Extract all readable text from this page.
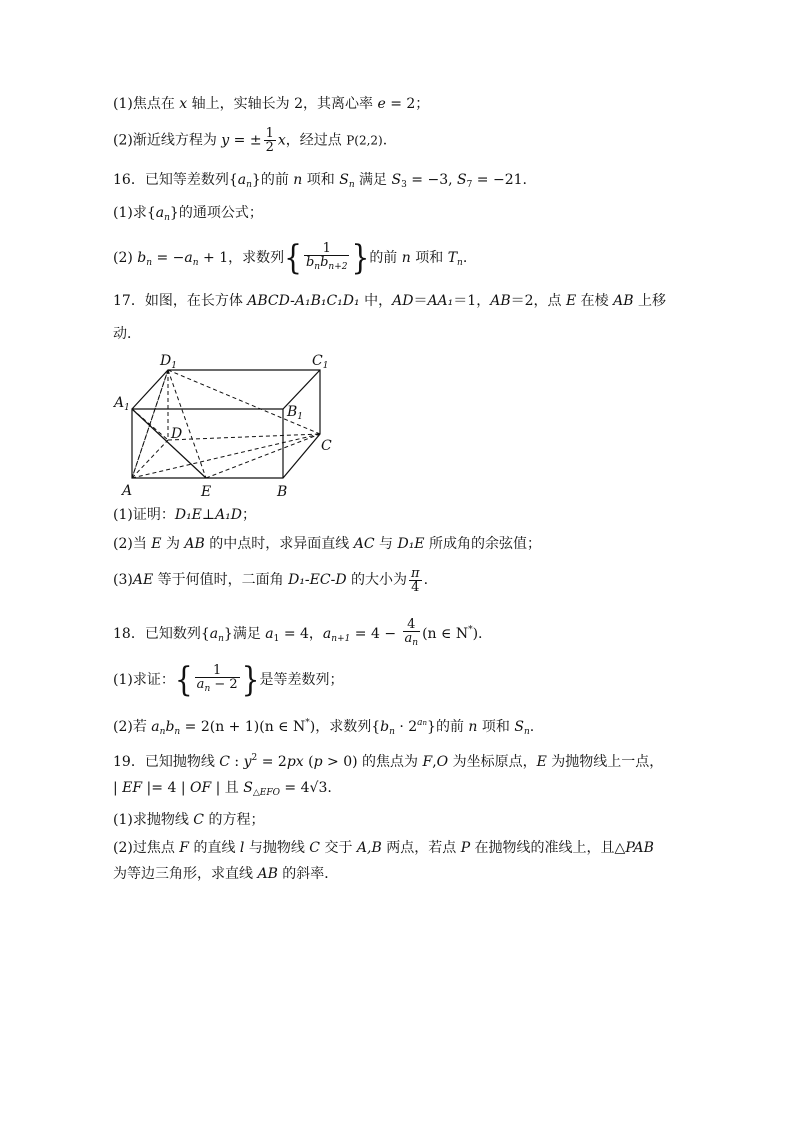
(1)焦点在 x 轴上，实轴长为 2，其离心率 e = 2；
(2)渐近线方程为 y = ± $\frac{1}{2}$ x，经过点 P(2,2).
16．已知等差数列$\{a_n\}$的前 n 项和 $S_n$ 满足 $S_3 = -3$, $S_7 = -21$.
(1)求$\{a_n\}$的通项公式；
(2) $b_n = -a_n + 1$，求数列{ $\frac{1}{b_nb_{n+2}}$ }的前 n 项和 $T_n$.
17．如图，在长方体 ABCD-A₁B₁C₁D₁ 中，AD＝AA₁＝1，AB＝2，点 E 在棱 AB 上移
动．
$D_1$	$C_1$
$A_1$	$B_1$
D
C
A	E	B
(1)证明：D₁E⊥A₁D；
(2)当 E 为 AB 的中点时，求异面直线 AC 与 D₁E 所成角的余弦值；
(3)AE 等于何值时，二面角 D₁-EC-D 的大小为 $\frac{\pi}{4}$ .
18．已知数列$\{a_n\}$满足 $a_1 = 4$，$a_{n+1} = 4 - \frac{4}{a_n} (n$ ∈ N*).
(1)求证：{ $\frac{1}{a_n - 2}$ }是等差数列；
(2)若 $a_nb_n = 2(n + 1)(n$ ∈ N*)，求数列$\{b_n \cdot 2^{an}\}$的前 n 项和 $S_n$.
19．已知抛物线 C : $y^2 = 2px$ (p > 0) 的焦点为 F,O 为坐标原点，E 为抛物线上一点，
| EF |= 4 | OF | 且 $S_{\triangle EFO} = 4√3$.
(1)求抛物线 C 的方程；
(2)过焦点 F 的直线 l 与抛物线 C 交于 A,B 两点，若点 P 在抛物线的准线上，且△PAB
为等边三角形，求直线 AB 的斜率．
